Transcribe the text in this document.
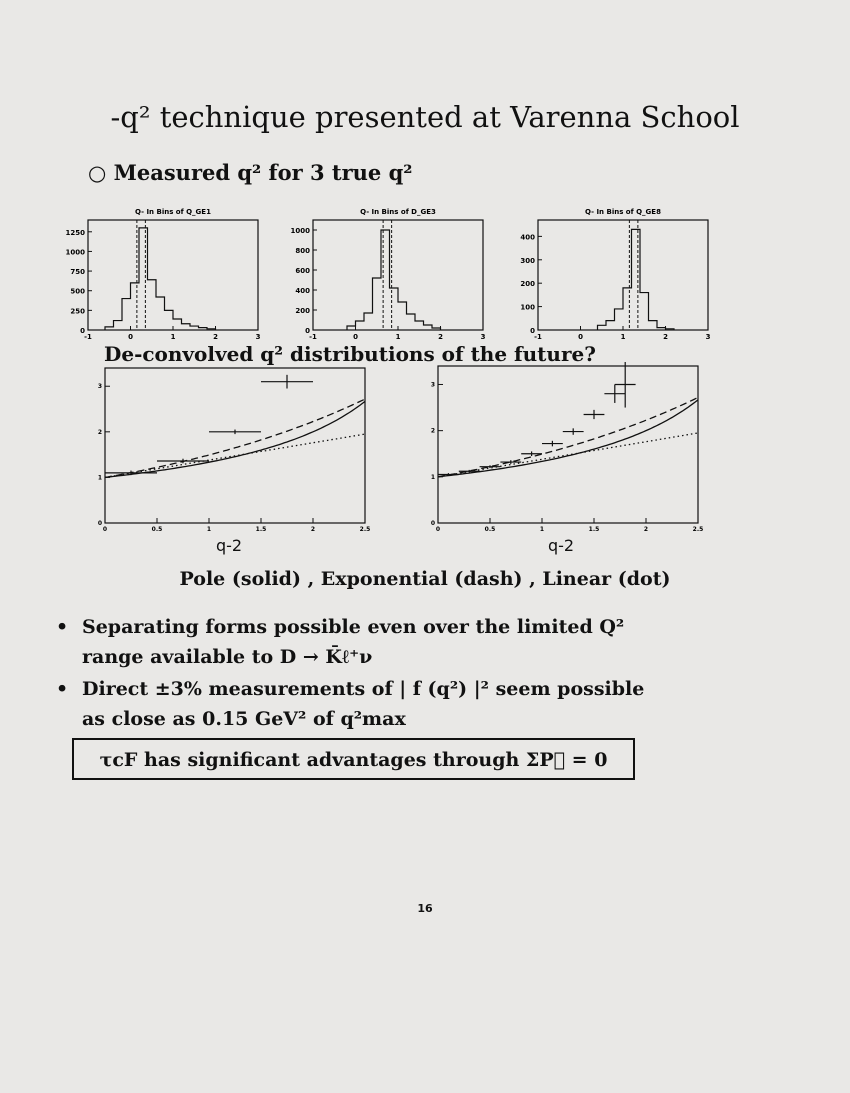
-q² technique presented at Varenna School
○ Measured q² for 3 true q²
Q- In Bins of Q_GE1
-1	0	1	2	3
0
250
500
750
1000
1250
Q- In Bins of D_GE3
-1	0	1	2	3
0
200
400
600
800
1000
Q- In Bins of Q_GE8
-1	0	1	2	3
0
100
200
300
400
De-convolved q² distributions of the future?
0	0.5	1	1.5	2	2.5
0
1
2
3
0	0.5	1	1.5	2	2.5
0
1
2
3
q-2	q-2
Pole (solid) , Exponential (dash) , Linear (dot)
• Separating forms possible even over the limited Q²
range available to D → K̄ℓ⁺ν
• Direct ±3% measurements of | f (q²) |² seem possible
as close as 0.15 GeV² of q²max
τcF has significant advantages through ΣP⃗ = 0
16
